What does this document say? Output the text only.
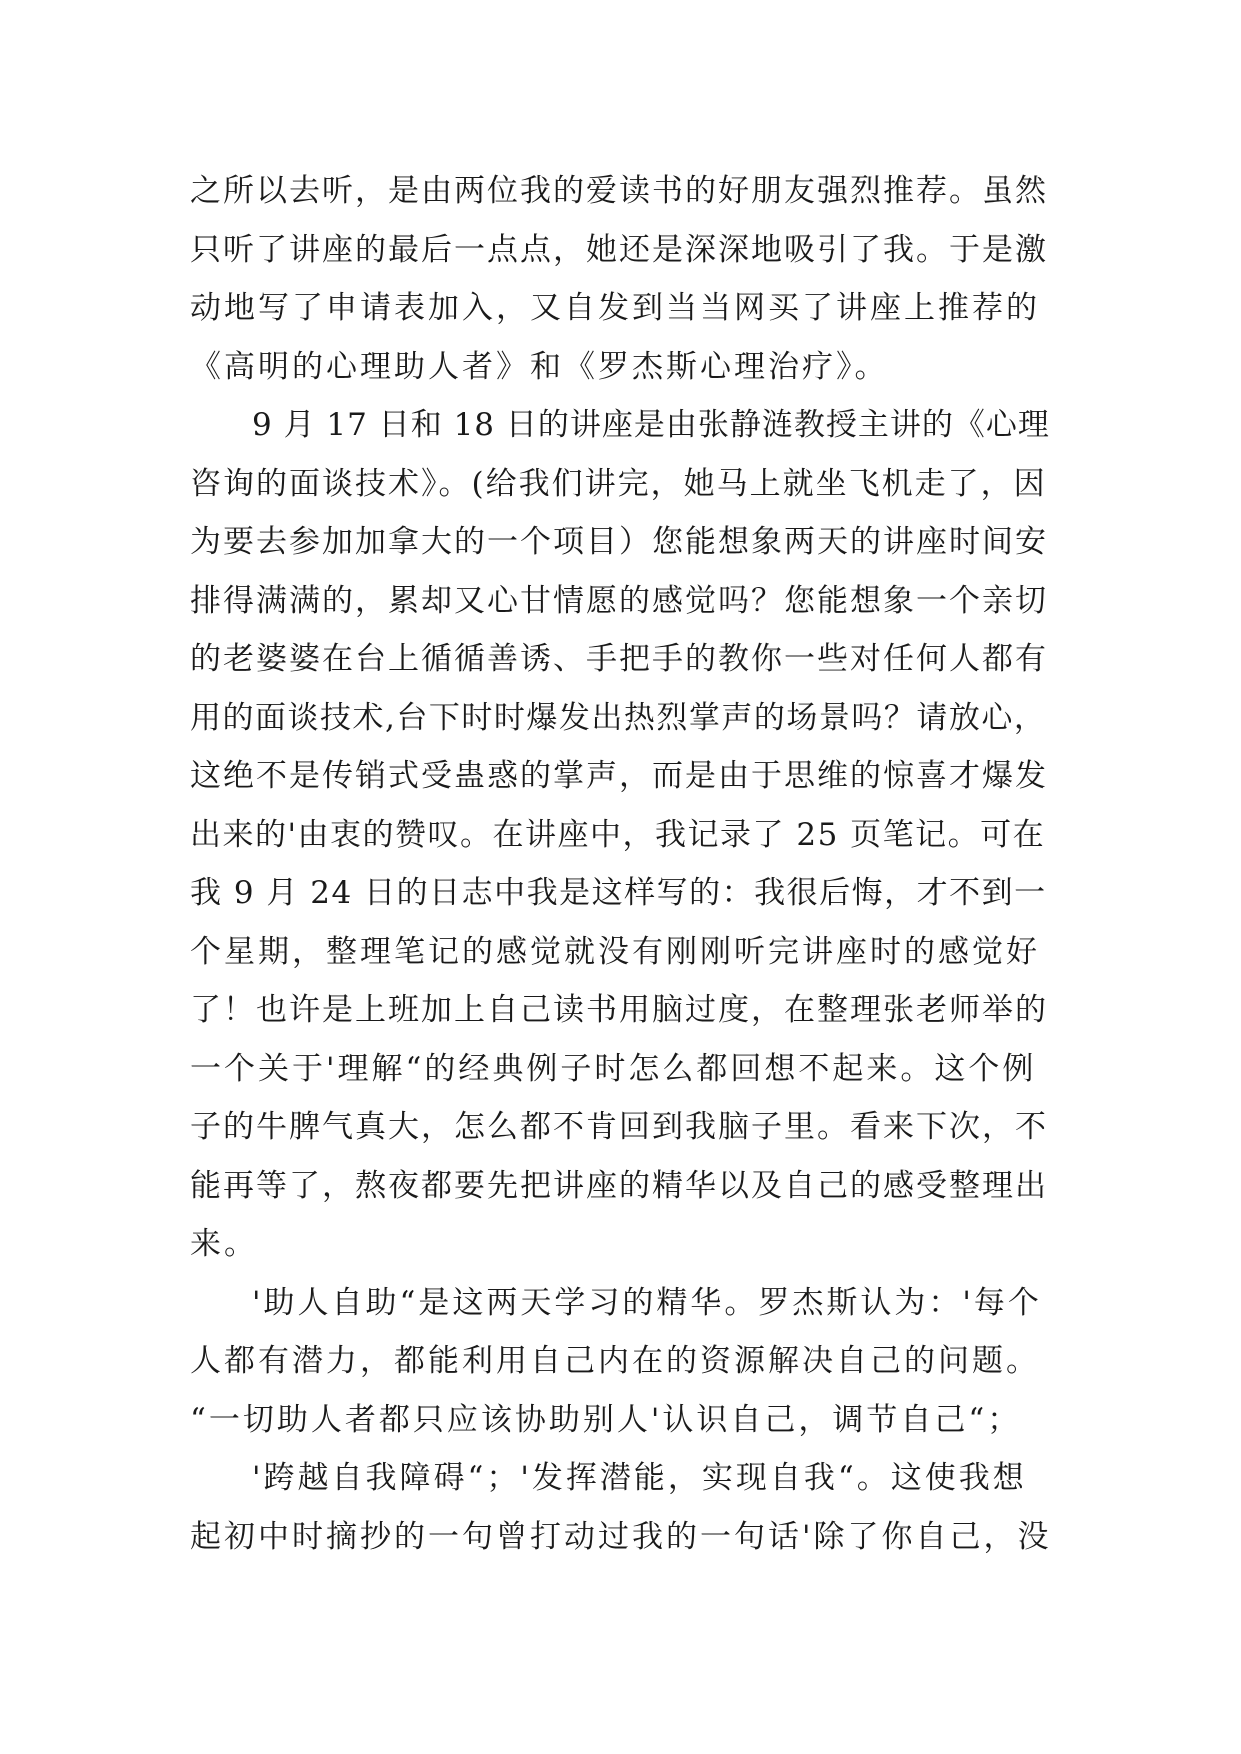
之所以去听，是由两位我的爱读书的好朋友强烈推荐。虽然
只听了讲座的最后一点点，她还是深深地吸引了我。于是激
动地写了申请表加入，又自发到当当网买了讲座上推荐的
《高明的心理助人者》和《罗杰斯心理治疗》。
9 月 17 日和 18 日的讲座是由张静涟教授主讲的《心理
咨询的面谈技术》。(给我们讲完，她马上就坐飞机走了，因
为要去参加加拿大的一个项目）您能想象两天的讲座时间安
排得满满的，累却又心甘情愿的感觉吗？您能想象一个亲切
的老婆婆在台上循循善诱、手把手的教你一些对任何人都有
用的面谈技术,台下时时爆发出热烈掌声的场景吗？请放心，
这绝不是传销式受蛊惑的掌声，而是由于思维的惊喜才爆发
出来的'由衷的赞叹。在讲座中，我记录了 25 页笔记。可在
我 9 月 24 日的日志中我是这样写的：我很后悔，才不到一
个星期，整理笔记的感觉就没有刚刚听完讲座时的感觉好
了！也许是上班加上自己读书用脑过度，在整理张老师举的
一个关于'理解“的经典例子时怎么都回想不起来。这个例
子的牛脾气真大，怎么都不肯回到我脑子里。看来下次，不
能再等了，熬夜都要先把讲座的精华以及自己的感受整理出
来。
'助人自助“是这两天学习的精华。罗杰斯认为：'每个
人都有潜力，都能利用自己内在的资源解决自己的问题。
“一切助人者都只应该协助别人'认识自己，调节自己“；
'跨越自我障碍“；'发挥潜能，实现自我“。这使我想
起初中时摘抄的一句曾打动过我的一句话'除了你自己，没
